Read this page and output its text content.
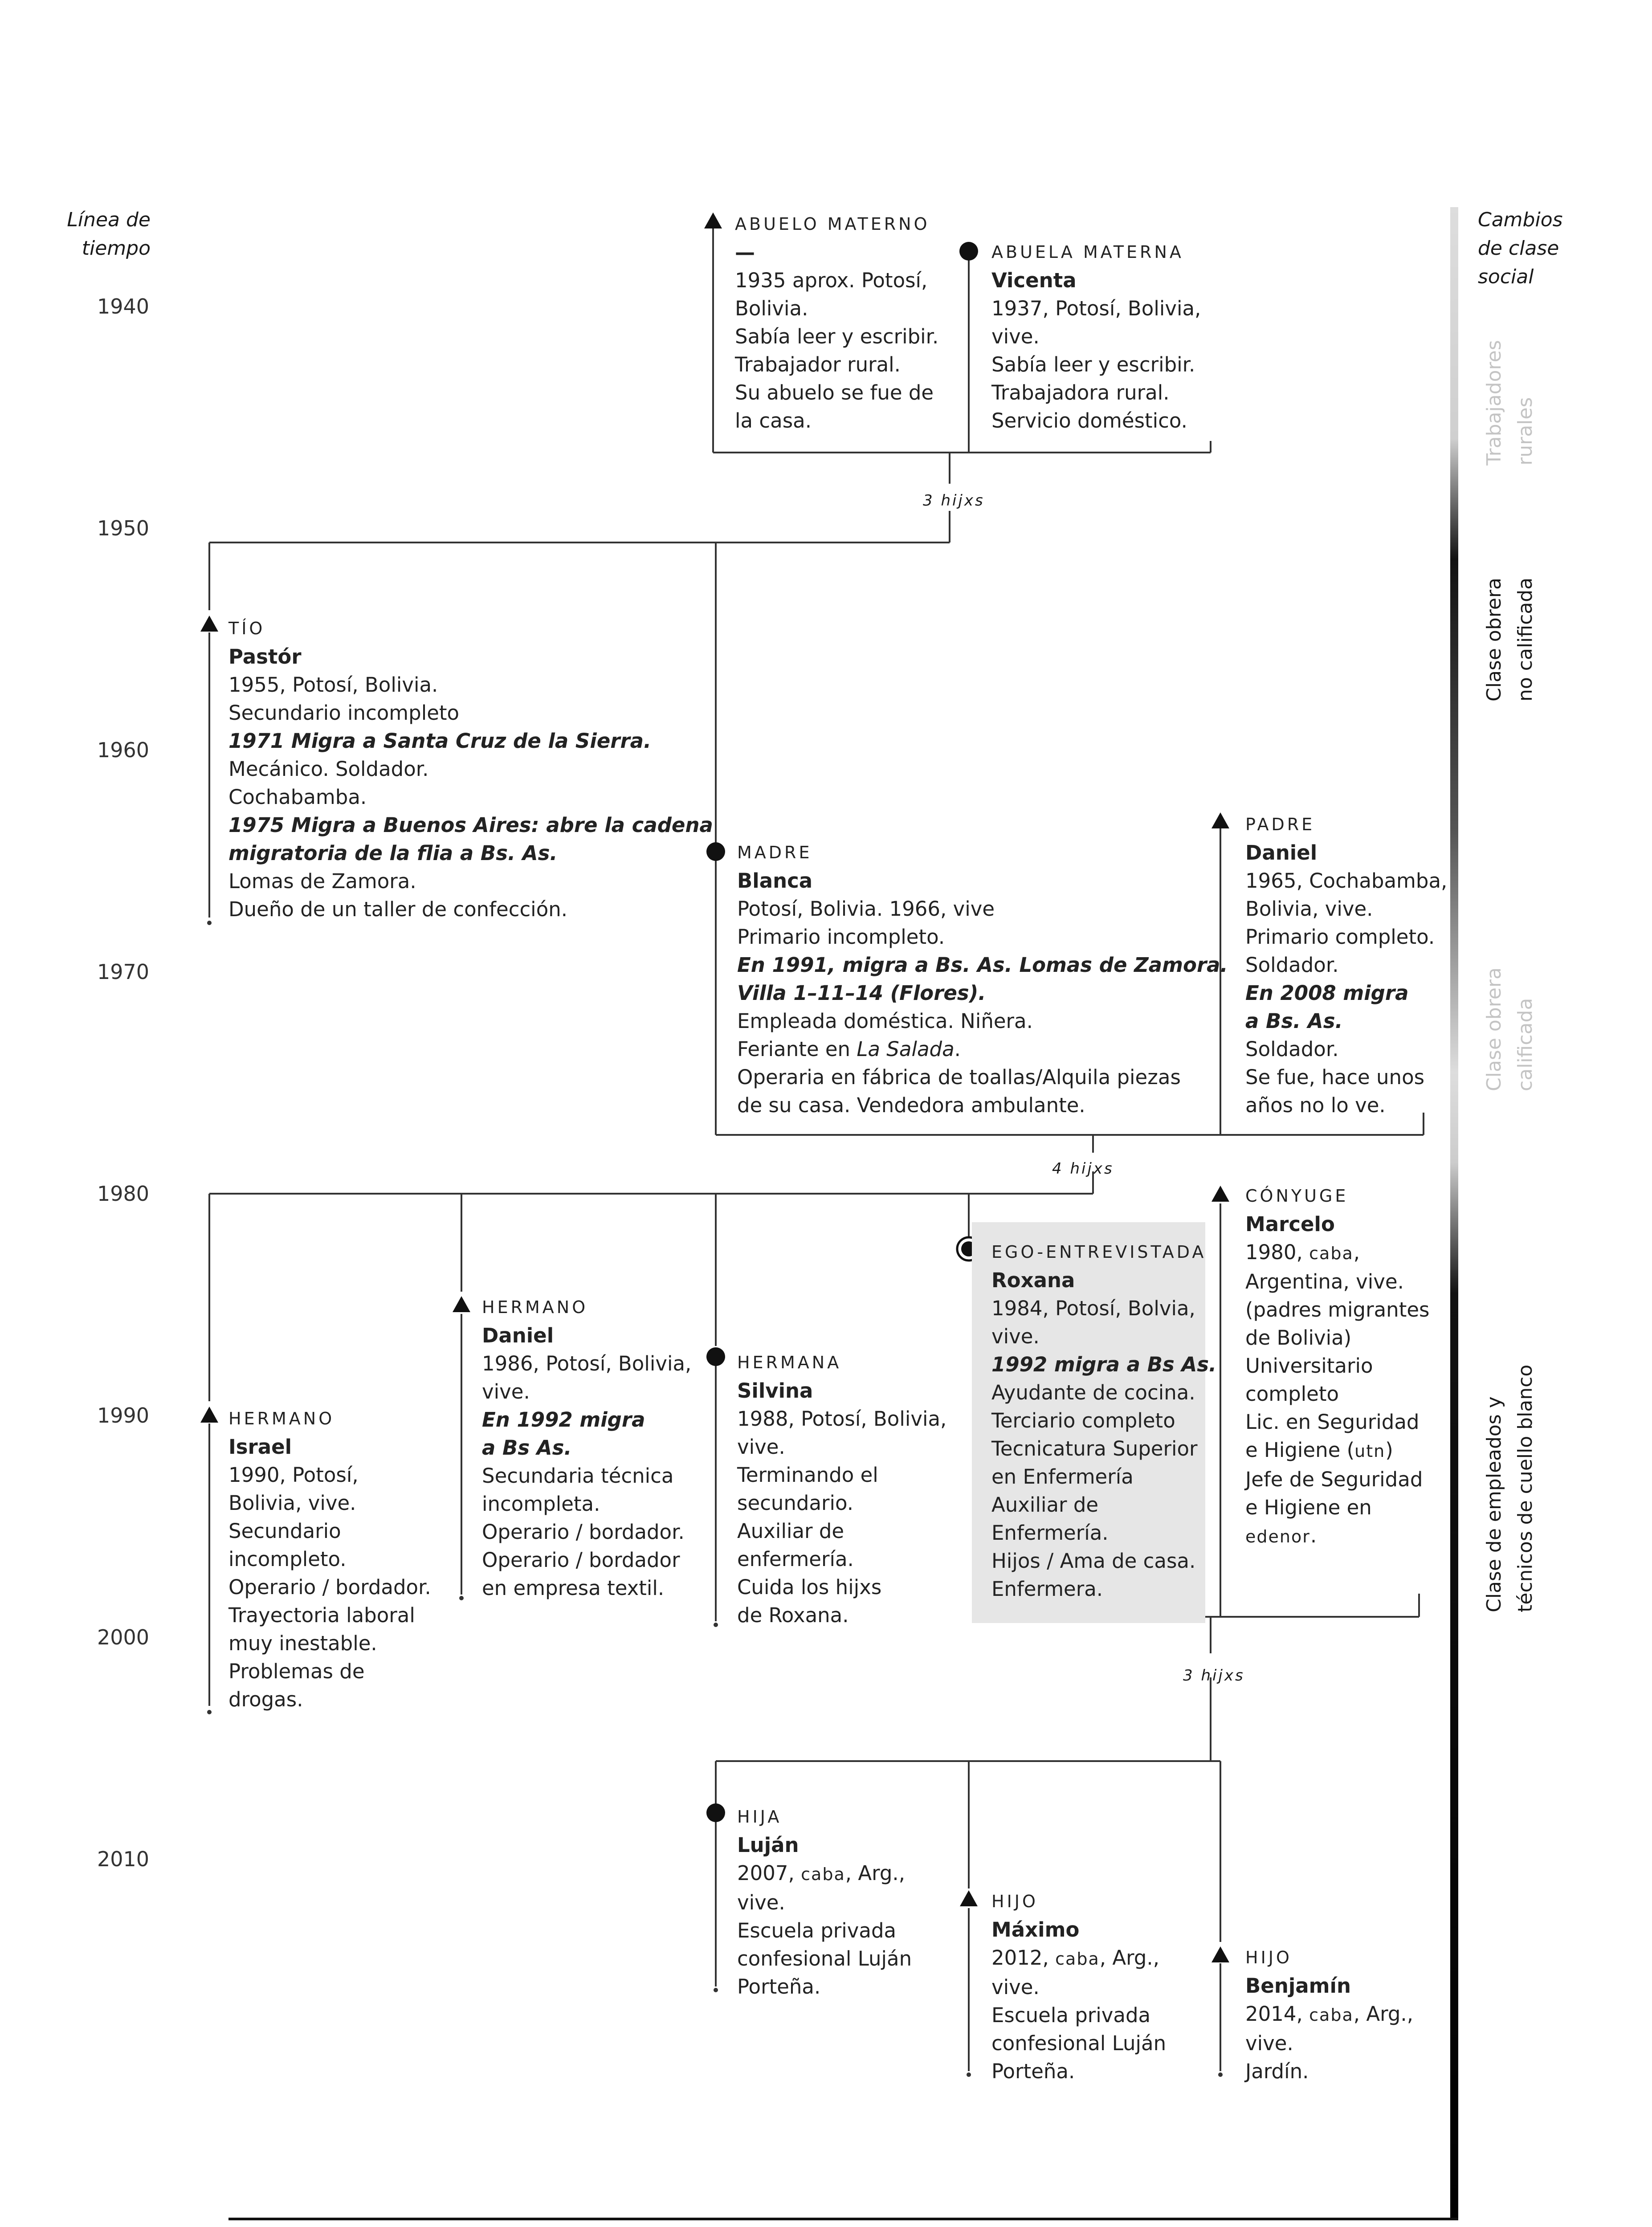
Línea de
tiempo
1940
1950
1960
1970
1980
1990
2000
2010
Cambios
de clase
social
Trabajadores rurales
Clase obrera no calificada
Clase obrera calificada
Clase de empleados y técnicos de cuello blanco
3 hijxs
4 hijxs
3 hijxs
ABUELO MATERNO
—
1935 aprox. Potosí,
Bolivia.
Sabía leer y escribir.
Trabajador rural.
Su abuelo se fue de
la casa.
ABUELA MATERNA
Vicenta
1937, Potosí, Bolivia,
vive.
Sabía leer y escribir.
Trabajadora rural.
Servicio doméstico.
TÍO
Pastór
1955, Potosí, Bolivia.
Secundario incompleto
1971 Migra a Santa Cruz de la Sierra.
Mecánico. Soldador.
Cochabamba.
1975 Migra a Buenos Aires: abre la cadena
migratoria de la flia a Bs. As.
Lomas de Zamora.
Dueño de un taller de confección.
MADRE
Blanca
Potosí, Bolivia. 1966, vive
Primario incompleto.
En 1991, migra a Bs. As. Lomas de Zamora.
Villa 1–11–14 (Flores).
Empleada doméstica. Niñera.
Feriante en La Salada.
Operaria en fábrica de toallas/Alquila piezas
de su casa. Vendedora ambulante.
PADRE
Daniel
1965, Cochabamba,
Bolivia, vive.
Primario completo.
Soldador.
En 2008 migra
a Bs. As.
Soldador.
Se fue, hace unos
años no lo ve.
HERMANO
Israel
1990, Potosí,
Bolivia, vive.
Secundario
incompleto.
Operario / bordador.
Trayectoria laboral
muy inestable.
Problemas de
drogas.
HERMANO
Daniel
1986, Potosí, Bolivia,
vive.
En 1992 migra
a Bs As.
Secundaria técnica
incompleta.
Operario / bordador.
Operario / bordador
en empresa textil.
HERMANA
Silvina
1988, Potosí, Bolivia,
vive.
Terminando el
secundario.
Auxiliar de
enfermería.
Cuida los hijxs
de Roxana.
EGO-ENTREVISTADA
Roxana
1984, Potosí, Bolvia,
vive.
1992 migra a Bs As.
Ayudante de cocina.
Terciario completo
Tecnicatura Superior
en Enfermería
Auxiliar de
Enfermería.
Hijos / Ama de casa.
Enfermera.
CÓNYUGE
Marcelo
1980, caba,
Argentina, vive.
(padres migrantes
de Bolivia)
Universitario
completo
Lic. en Seguridad
e Higiene (utn)
Jefe de Seguridad
e Higiene en
edenor.
HIJA
Luján
2007, caba, Arg.,
vive.
Escuela privada
confesional Luján
Porteña.
HIJO
Máximo
2012, caba, Arg.,
vive.
Escuela privada
confesional Luján
Porteña.
HIJO
Benjamín
2014, caba, Arg.,
vive.
Jardín.
